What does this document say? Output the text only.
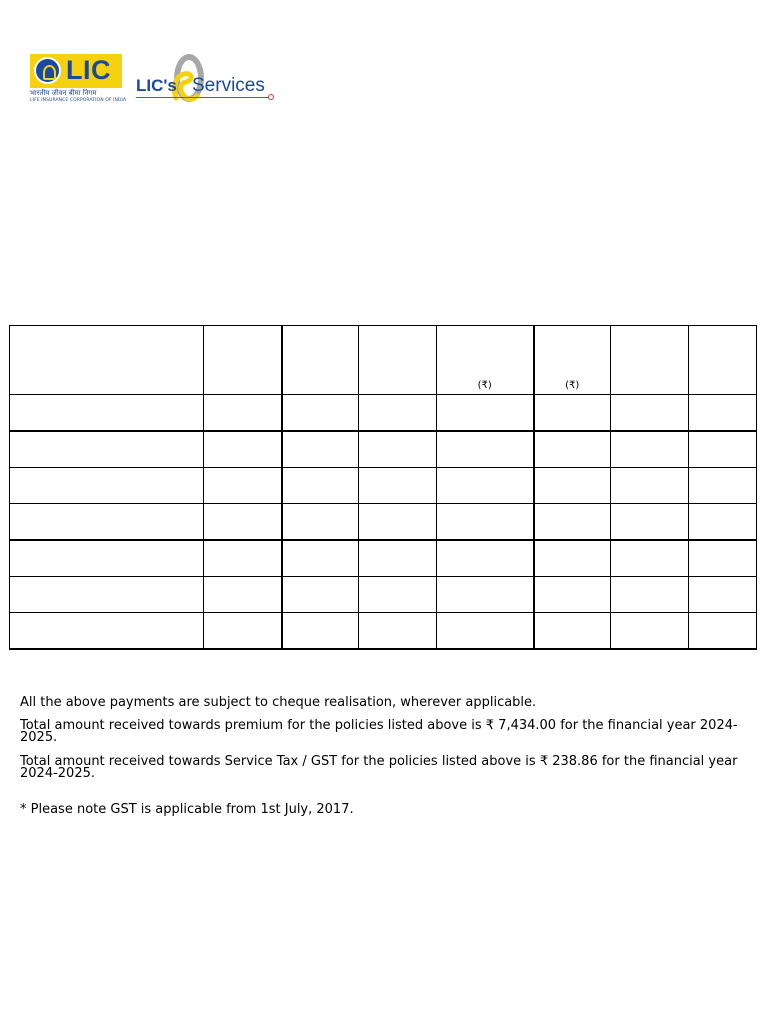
LIC
भारतीय जीवन बीमा निगम
LIFE INSURANCE CORPORATION OF INDIA
LIC's Services
				(₹)	(₹)		

All the above payments are subject to cheque realisation, wherever applicable.

Total amount received towards premium for the policies listed above is ₹ 7,434.00 for the financial year 2024-2025.

Total amount received towards Service Tax / GST for the policies listed above is ₹ 238.86 for the financial year 2024-2025.

* Please note GST is applicable from 1st July, 2017.
